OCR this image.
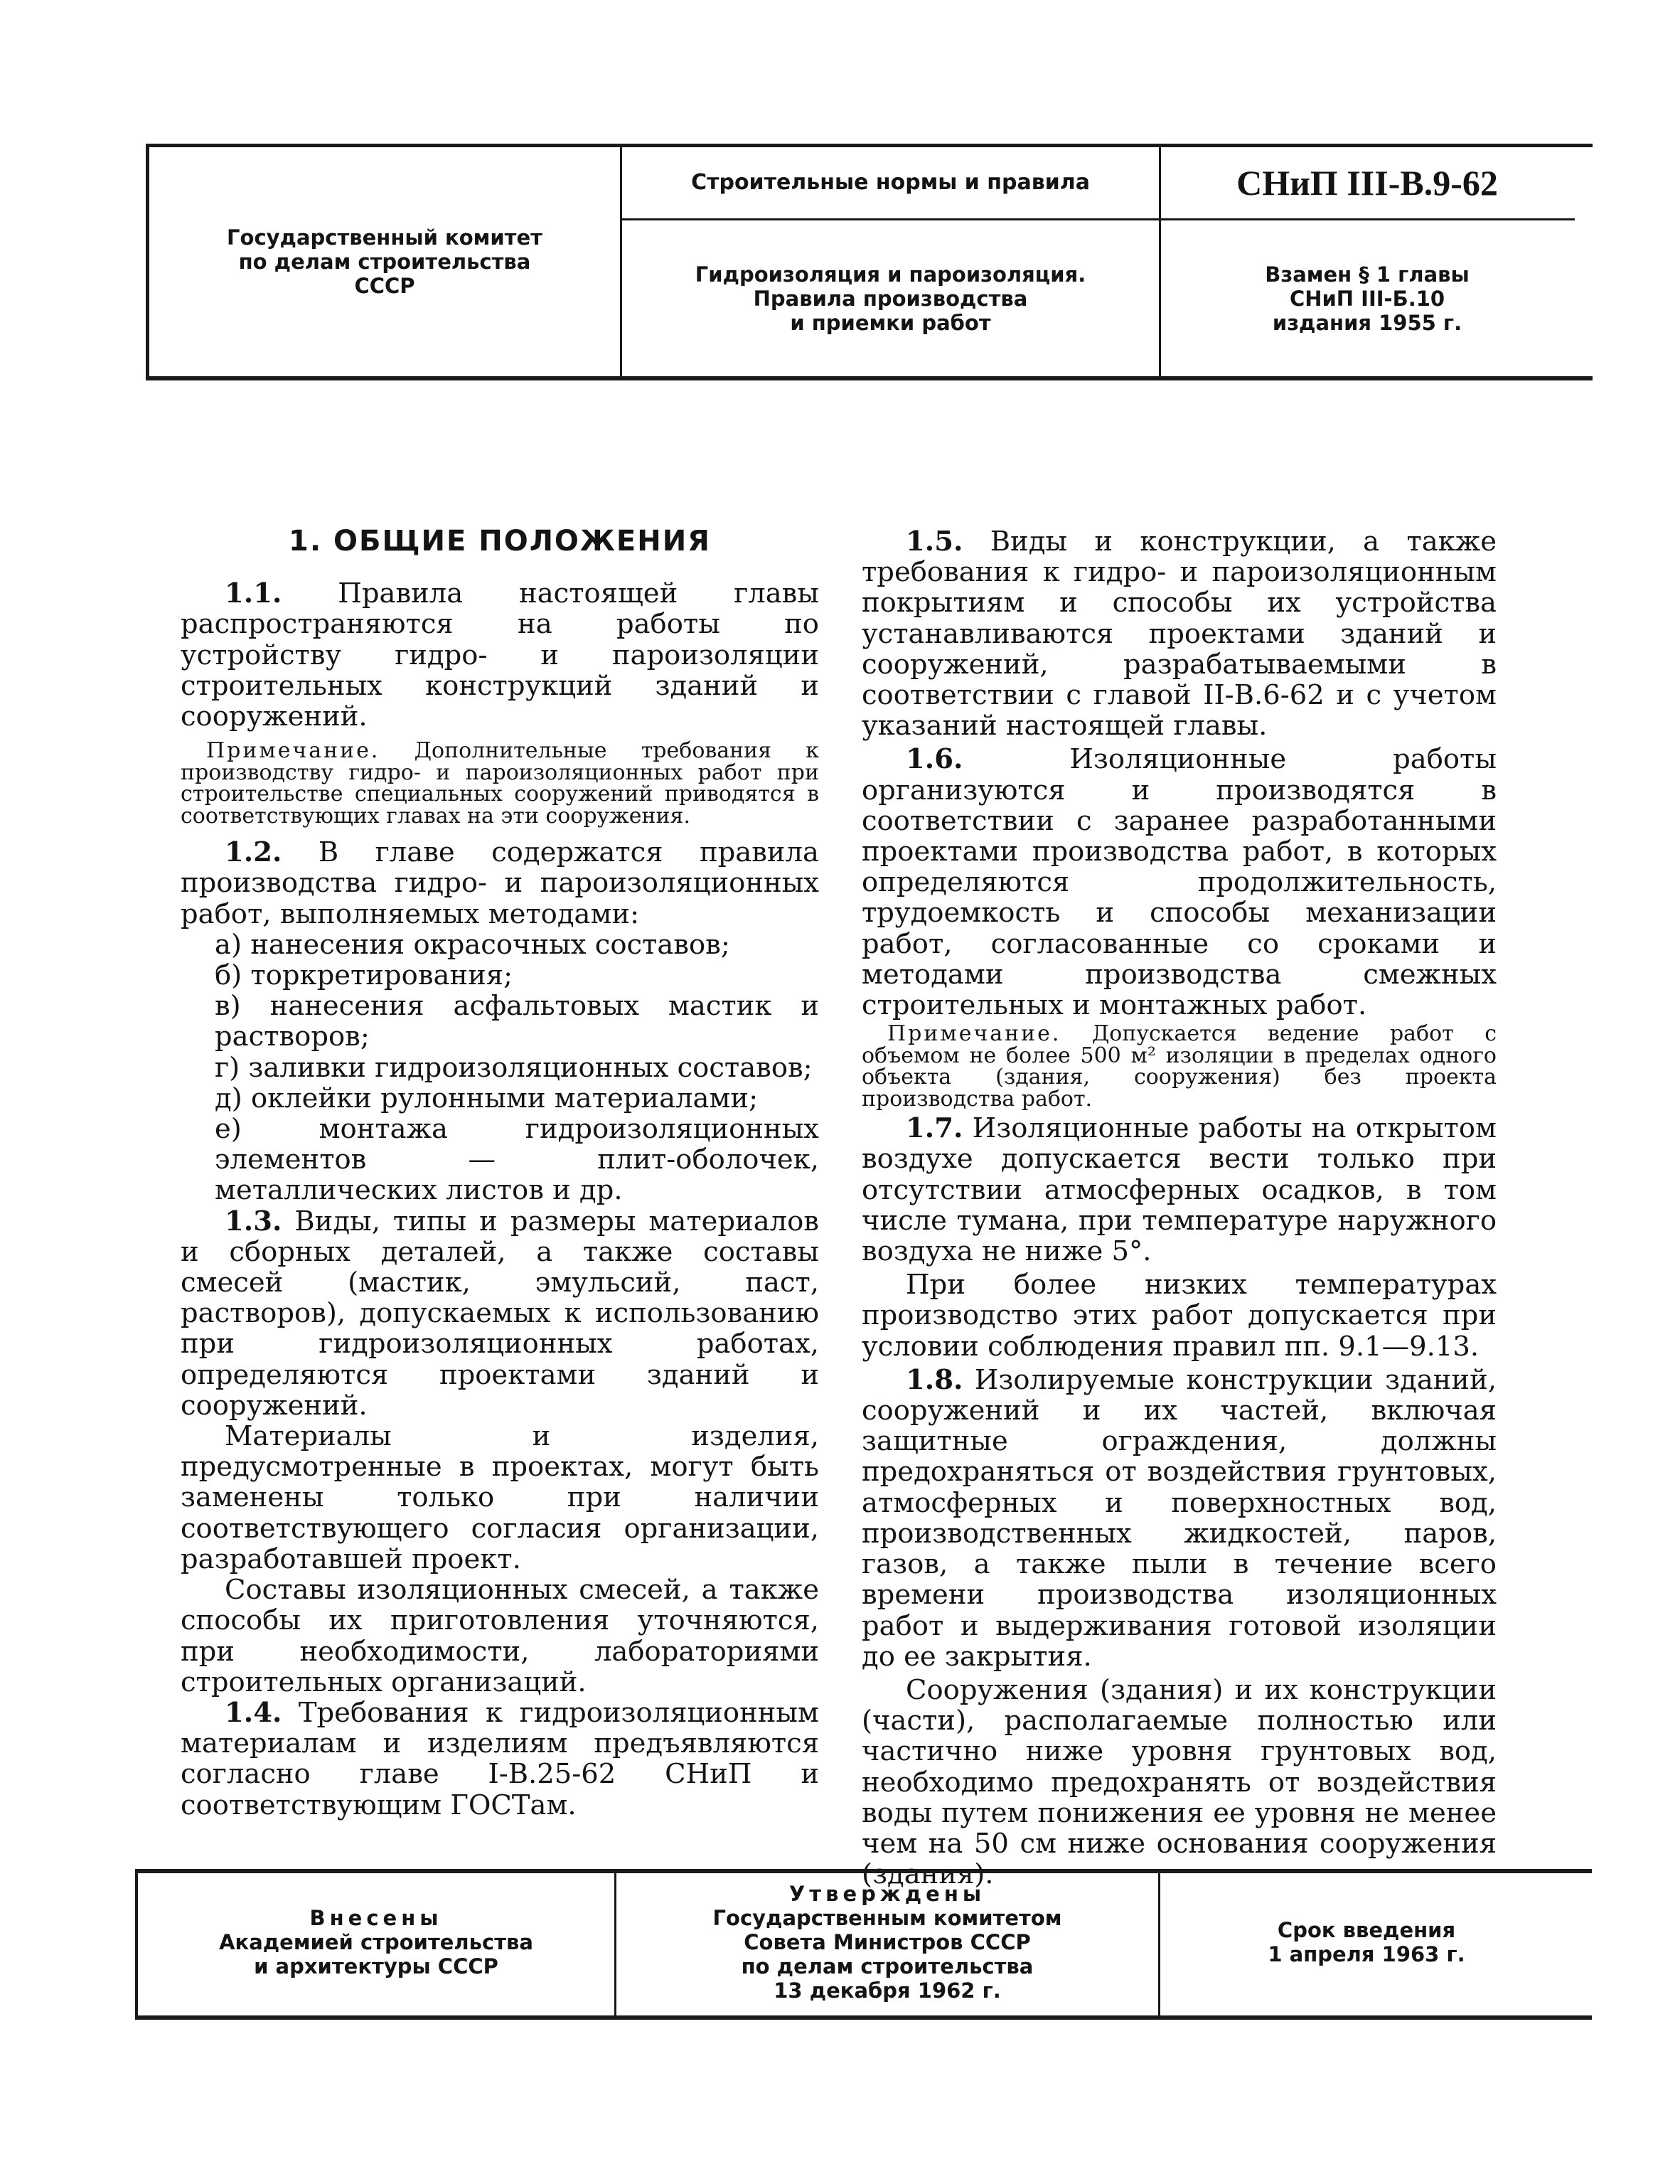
Государственный комитет
по делам строительства
СССР
Строительные нормы и правила
Гидроизоляция и пароизоляция.
Правила производства
и приемки работ
СНиП III-В.9-62
Взамен § 1 главы
СНиП III-Б.10
издания 1955 г.
1. ОБЩИЕ ПОЛОЖЕНИЯ

1.1. Правила настоящей главы распространяются на работы по устройству гидро- и пароизоляции строительных конструкций зданий и сооружений.

Примечание. Дополнительные требования к производству гидро- и пароизоляционных работ при строительстве специальных сооружений приводятся в соответствующих главах на эти сооружения.

1.2. В главе содержатся правила производства гидро- и пароизоляционных работ, выполняемых методами:

а) нанесения окрасочных составов;

б) торкретирования;

в) нанесения асфальтовых мастик и растворов;

г) заливки гидроизоляционных составов;

д) оклейки рулонными материалами;

е) монтажа гидроизоляционных элементов — плит-оболочек, металлических листов и др.

1.3. Виды, типы и размеры материалов и сборных деталей, а также составы смесей (мастик, эмульсий, паст, растворов), допускаемых к использованию при гидроизоляционных работах, определяются проектами зданий и сооружений.

Материалы и изделия, предусмотренные в проектах, могут быть заменены только при наличии соответствующего согласия организации, разработавшей проект.

Составы изоляционных смесей, а также способы их приготовления уточняются, при необходимости, лабораториями строительных организаций.

1.4. Требования к гидроизоляционным материалам и изделиям предъявляются согласно главе I-В.25-62 СНиП и соответствующим ГОСТам.

1.5. Виды и конструкции, а также требования к гидро- и пароизоляционным покрытиям и способы их устройства устанавливаются проектами зданий и сооружений, разрабатываемыми в соответствии с главой II-В.6-62 и с учетом указаний настоящей главы.

1.6.	Изоляционные работы организуются и производятся в соответствии с заранее разработанными проектами производства работ, в которых определяются продолжительность, трудоемкость и способы механизации работ, согласованные со сроками и методами производства смежных строительных и монтажных работ.

Примечание. Допускается ведение работ с объемом не более 500 м² изоляции в пределах одного объекта (здания, сооружения) без проекта производства работ.

1.7. Изоляционные работы на открытом воздухе допускается вести только при отсутствии атмосферных осадков, в том числе тумана, при температуре наружного воздуха не ниже 5°.

При более низких температурах производство этих работ допускается при условии соблюдения правил пп. 9.1—9.13.

1.8. Изолируемые конструкции зданий, сооружений и их частей, включая защитные ограждения, должны предохраняться от воздействия грунтовых, атмосферных и поверхностных вод, производственных жидкостей, паров, газов, а также пыли в течение всего времени производства изоляционных работ и выдерживания готовой изоляции до ее закрытия.

Сооружения (здания) и их конструкции (части), располагаемые полностью или частично ниже уровня грунтовых вод, необходимо предохранять от воздействия воды путем понижения ее уровня не менее чем на 50 см ниже основания сооружения (здания).

Внесены
Академией строительства
и архитектуры СССР
Утверждены
Государственным комитетом
Совета Министров СССР
по делам строительства
13 декабря 1962 г.
Срок введения
1 апреля 1963 г.
